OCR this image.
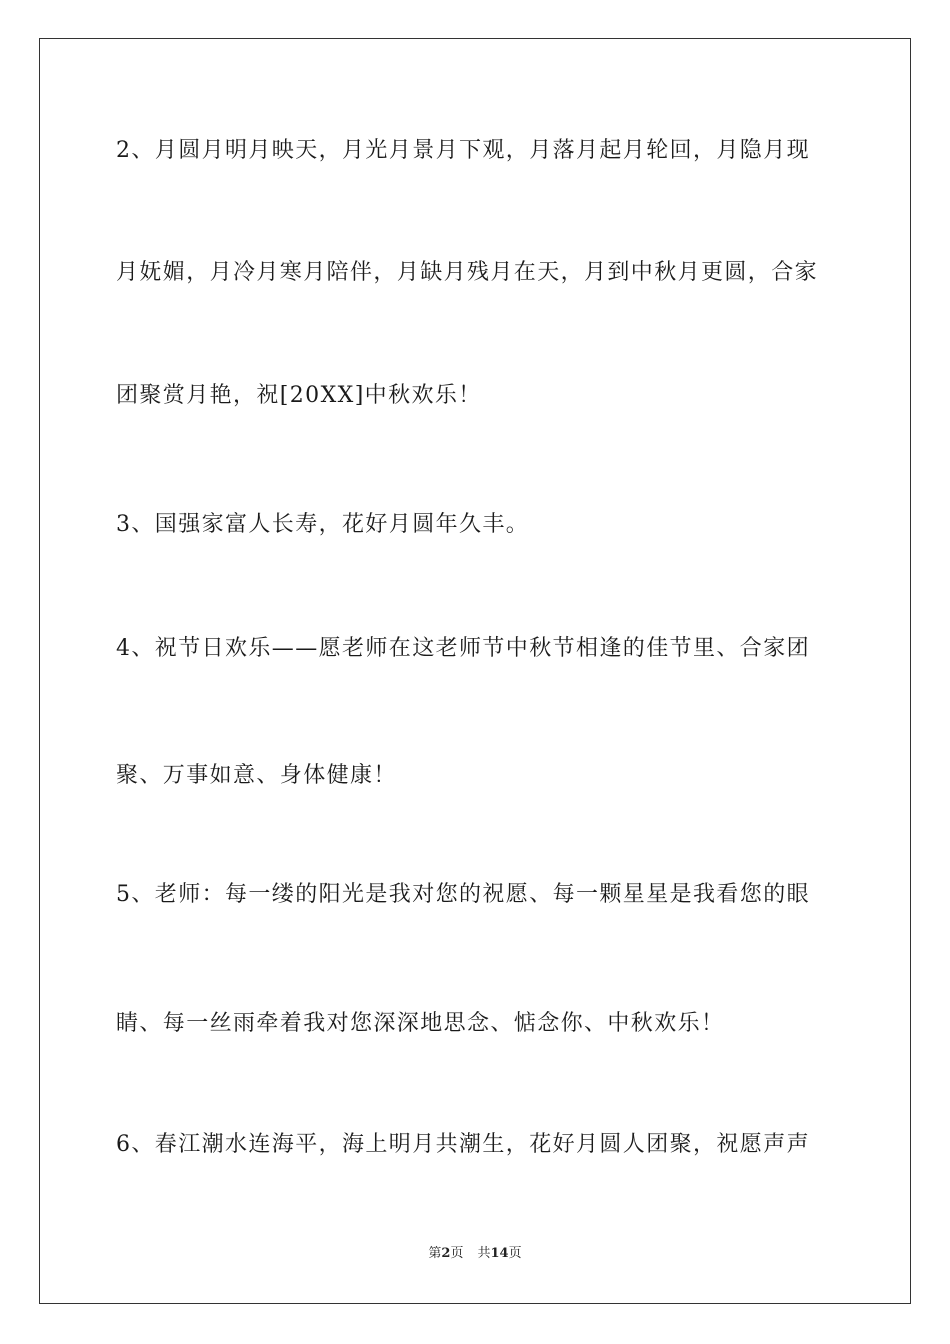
2、月圆月明月映天，月光月景月下观，月落月起月轮回，月隐月现
月妩媚，月冷月寒月陪伴，月缺月残月在天，月到中秋月更圆，合家
团聚赏月艳，祝[20XX]中秋欢乐！
3、国强家富人长寿，花好月圆年久丰。
4、祝节日欢乐——愿老师在这老师节中秋节相逢的佳节里、合家团
聚、万事如意、身体健康！
5、老师：每一缕的阳光是我对您的祝愿、每一颗星星是我看您的眼
睛、每一丝雨牵着我对您深深地思念、惦念你、中秋欢乐！
6、春江潮水连海平，海上明月共潮生，花好月圆人团聚，祝愿声声
第2页 共14页
